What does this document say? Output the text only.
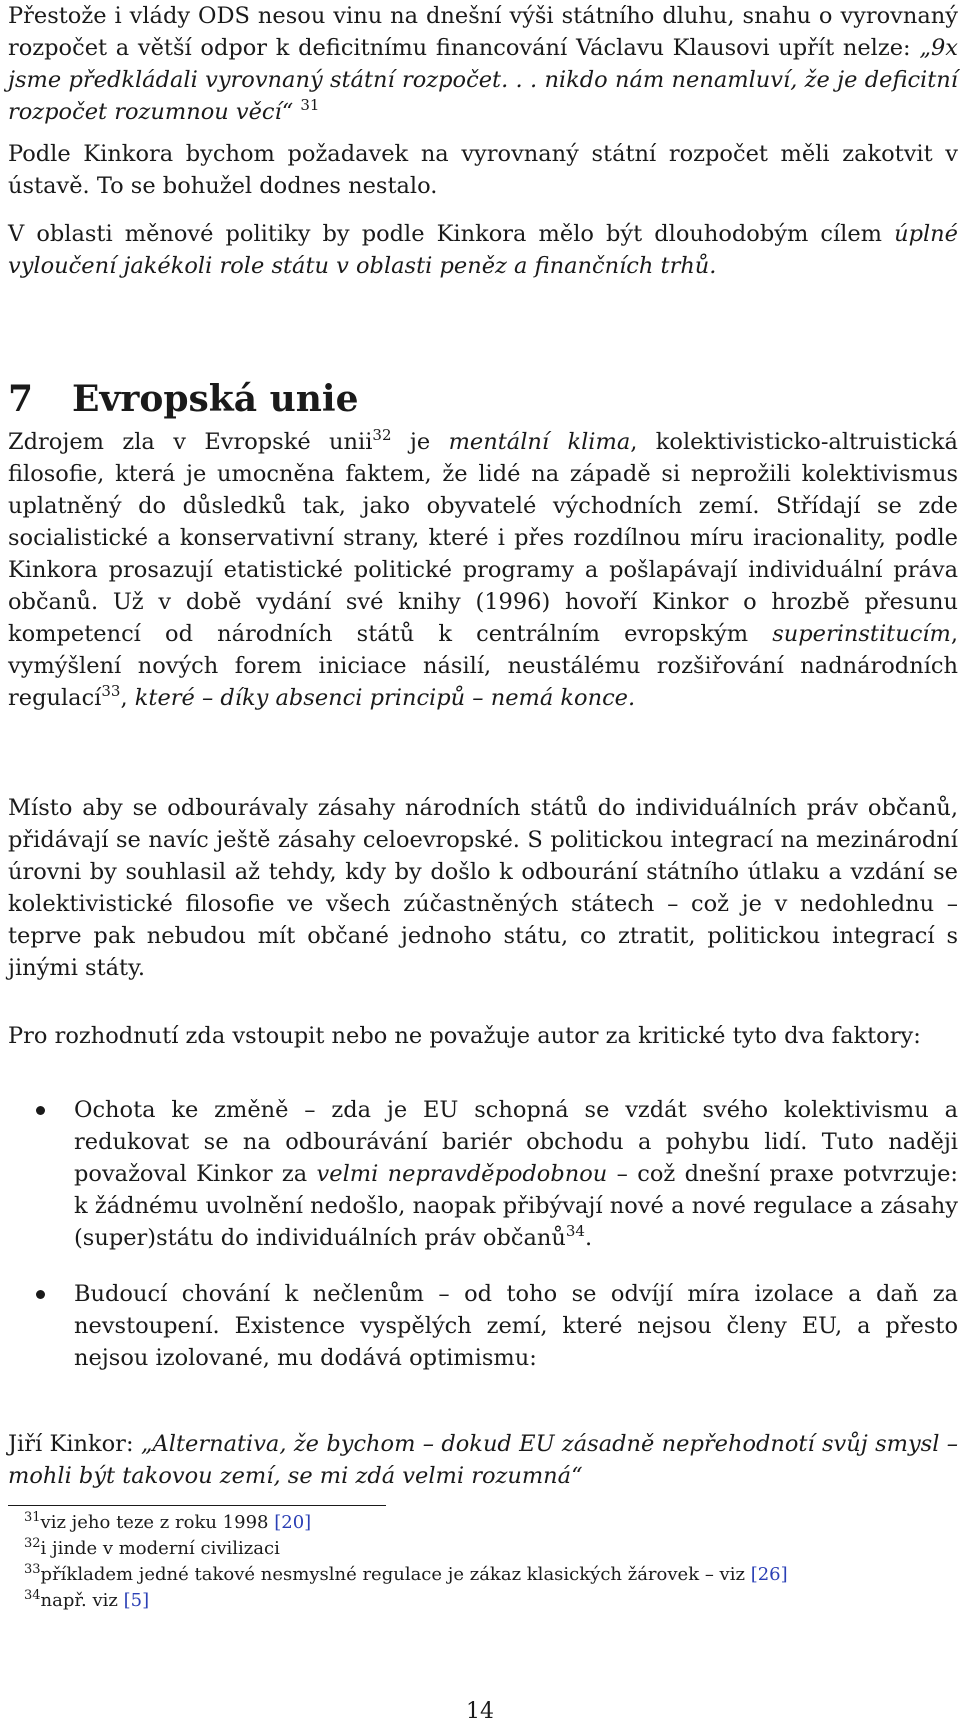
Přestože i vlády ODS nesou vinu na dnešní výši státního dluhu, snahu o vyrovnaný rozpočet a větší odpor k deficitnímu financování Václavu Klausovi upřít nelze: „9x jsme předkládali vyrovnaný státní rozpočet. . . nikdo nám nenamluví, že je deficitní rozpočet rozumnou věcí“ $^{31}$

Podle Kinkora bychom požadavek na vyrovnaný státní rozpočet měli zakotvit v ústavě. To se bohužel dodnes nestalo.

V oblasti měnové politiky by podle Kinkora mělo být dlouhodobým cílem úplné vyloučení jakékoli role státu v oblasti peněz a finančních trhů.

7 Evropská unie

Zdrojem zla v Evropské unii$^{32}$ je mentální klima, kolektivisticko-altruistická filosofie, která je umocněna faktem, že lidé na západě si neprožili kolektivismus uplatněný do důsledků tak, jako obyvatelé východních zemí. Střídají se zde socialistické a konservativní strany, které i přes rozdílnou míru iracionality, podle Kinkora prosazují etatistické politické programy a pošlapávají individuální práva občanů. Už v době vydání své knihy (1996) hovoří Kinkor o hrozbě přesunu kompetencí od národních států k centrálním evropským superinstitucím, vymýšlení nových forem iniciace násilí, neustálému rozšiřování nadnárodních regulací$^{33}$, které – díky absenci principů – nemá konce.

Místo aby se odbourávaly zásahy národních států do individuálních práv občanů, přidávají se navíc ještě zásahy celoevropské. S politickou integrací na mezinárodní úrovni by souhlasil až tehdy, kdy by došlo k odbourání státního útlaku a vzdání se kolektivistické filosofie ve všech zúčastněných státech – což je v nedohlednu – teprve pak nebudou mít občané jednoho státu, co ztratit, politickou integrací s jinými státy.

Pro rozhodnutí zda vstoupit nebo ne považuje autor za kritické tyto dva faktory:

Ochota ke změně – zda je EU schopná se vzdát svého kolektivismu a redukovat se na odbourávání bariér obchodu a pohybu lidí. Tuto naději považoval Kinkor za velmi nepravděpodobnou – což dnešní praxe potvrzuje: k žádnému uvolnění nedošlo, naopak přibývají nové a nové regulace a zásahy (super)státu do individuálních práv občanů$^{34}$.
Budoucí chování k nečlenům – od toho se odvíjí míra izolace a daň za nevstoupení. Existence vyspělých zemí, které nejsou členy EU, a přesto nejsou izolované, mu dodává optimismu:

Jiří Kinkor: „Alternativa, že bychom – dokud EU zásadně nepřehodnotí svůj smysl – mohli být takovou zemí, se mi zdá velmi rozumná“

$^{31}$viz jeho teze z roku 1998 [20]
$^{32}$i jinde v moderní civilizaci
$^{33}$příkladem jedné takové nesmyslné regulace je zákaz klasických žárovek – viz [26]
$^{34}$např. viz [5]
14
